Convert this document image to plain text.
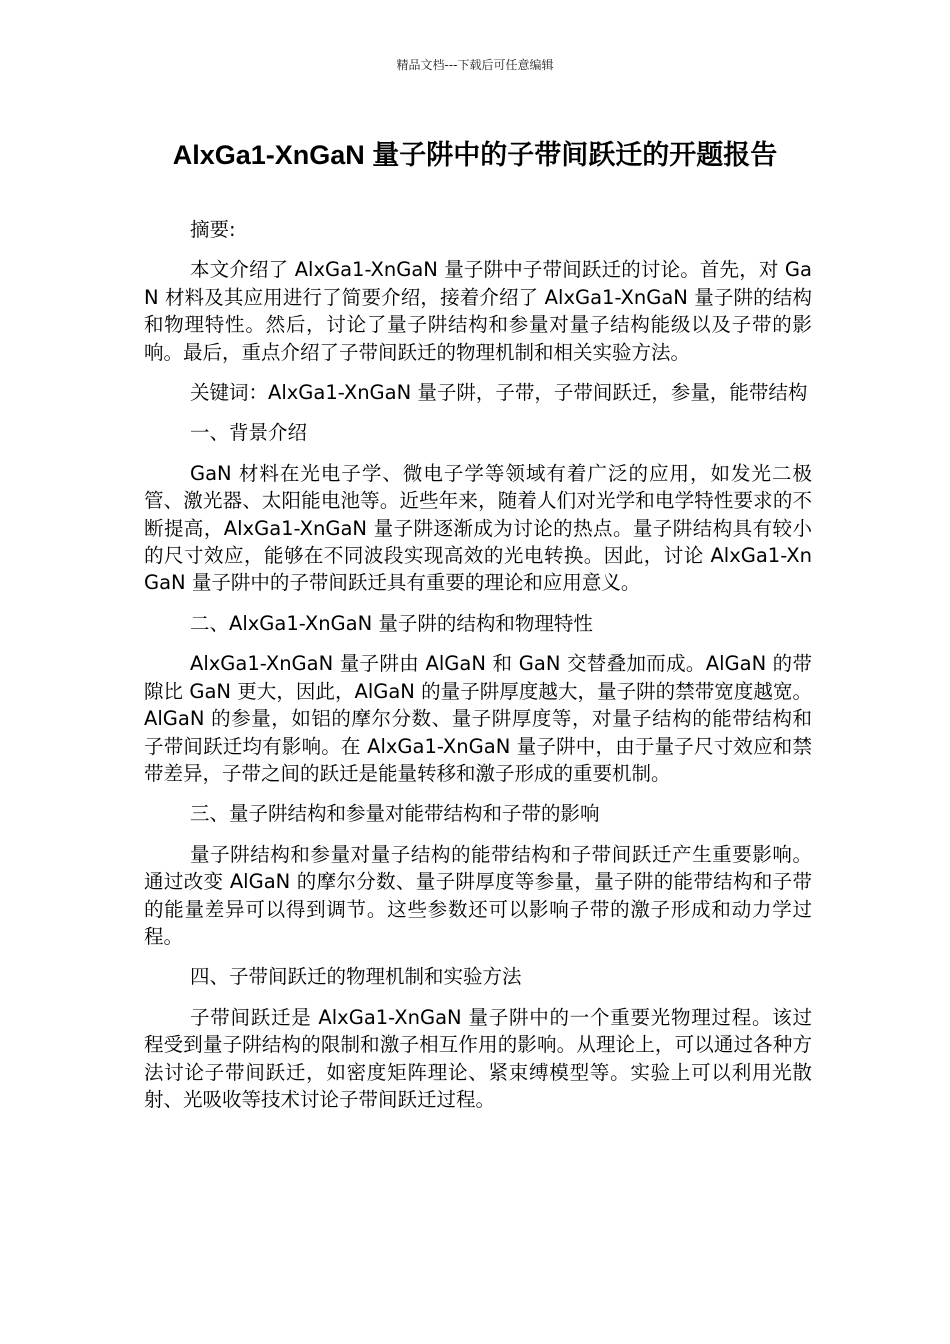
精品文档---下载后可任意编辑
AlxGa1-XnGaN 量子阱中的子带间跃迁的开题报告

摘要:

本文介绍了 AlxGa1-XnGaN 量子阱中子带间跃迁的讨论。首先，对 GaN 材料及其应用进行了简要介绍，接着介绍了 AlxGa1-XnGaN 量子阱的结构和物理特性。然后，讨论了量子阱结构和参量对量子结构能级以及子带的影响。最后，重点介绍了子带间跃迁的物理机制和相关实验方法。

关键词：AlxGa1-XnGaN 量子阱，子带，子带间跃迁，参量，能带结构

一、背景介绍

GaN 材料在光电子学、微电子学等领域有着广泛的应用，如发光二极管、激光器、太阳能电池等。近些年来，随着人们对光学和电学特性要求的不断提高，AlxGa1-XnGaN 量子阱逐渐成为讨论的热点。量子阱结构具有较小的尺寸效应，能够在不同波段实现高效的光电转换。因此，讨论 AlxGa1-XnGaN 量子阱中的子带间跃迁具有重要的理论和应用意义。

二、AlxGa1-XnGaN 量子阱的结构和物理特性

AlxGa1-XnGaN 量子阱由 AlGaN 和 GaN 交替叠加而成。AlGaN 的带隙比 GaN 更大，因此，AlGaN 的量子阱厚度越大，量子阱的禁带宽度越宽。AlGaN 的参量，如铝的摩尔分数、量子阱厚度等，对量子结构的能带结构和子带间跃迁均有影响。在 AlxGa1-XnGaN 量子阱中，由于量子尺寸效应和禁带差异，子带之间的跃迁是能量转移和激子形成的重要机制。

三、量子阱结构和参量对能带结构和子带的影响

量子阱结构和参量对量子结构的能带结构和子带间跃迁产生重要影响。通过改变 AlGaN 的摩尔分数、量子阱厚度等参量，量子阱的能带结构和子带的能量差异可以得到调节。这些参数还可以影响子带的激子形成和动力学过程。

四、子带间跃迁的物理机制和实验方法

子带间跃迁是 AlxGa1-XnGaN 量子阱中的一个重要光物理过程。该过程受到量子阱结构的限制和激子相互作用的影响。从理论上，可以通过各种方法讨论子带间跃迁，如密度矩阵理论、紧束缚模型等。实验上可以利用光散射、光吸收等技术讨论子带间跃迁过程。
